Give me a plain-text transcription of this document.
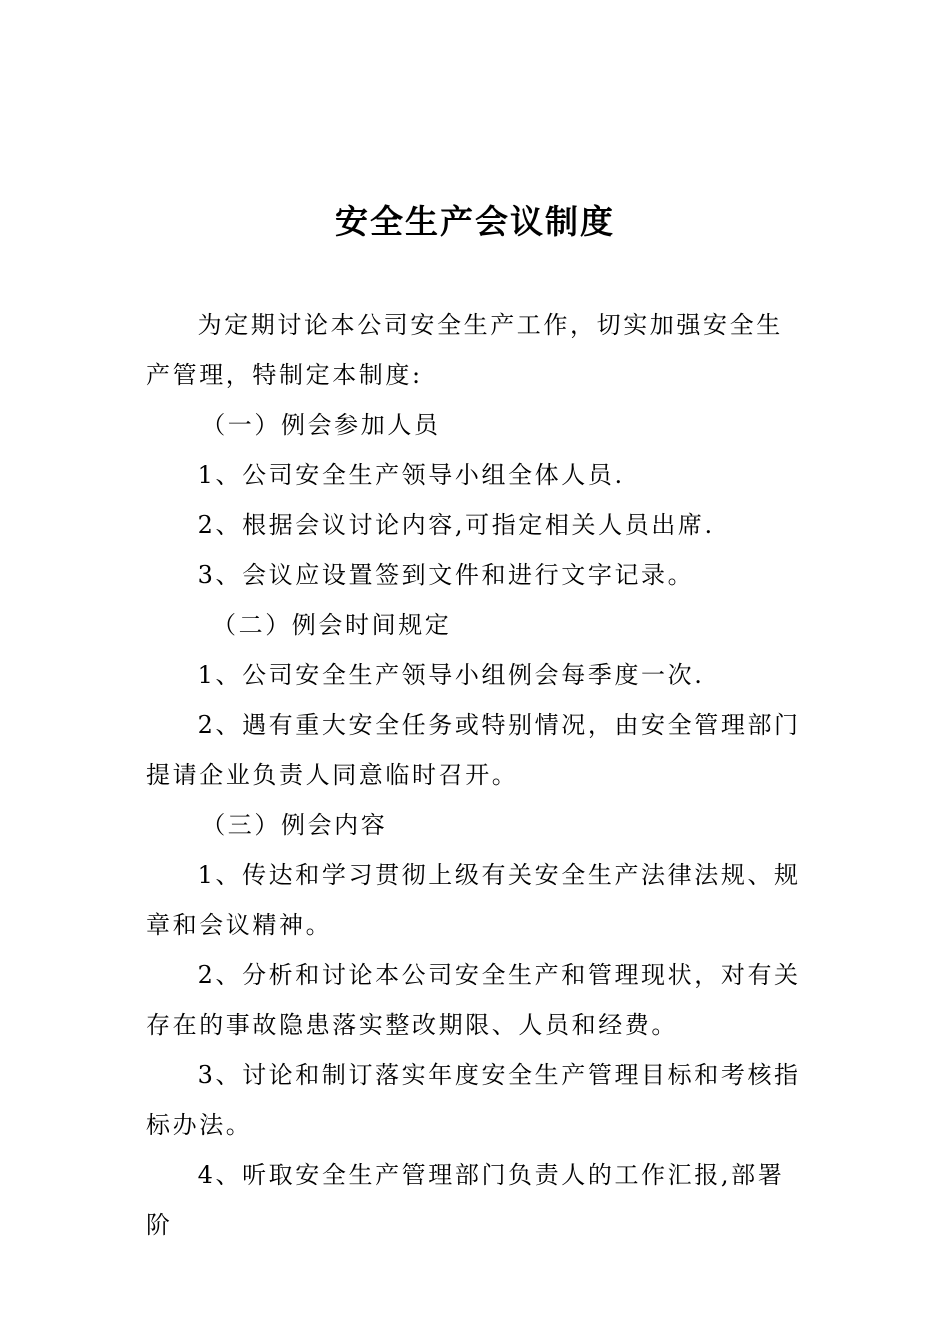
安全生产会议制度

为定期讨论本公司安全生产工作，切实加强安全生产管理，特制定本制度:

（一）例会参加人员

1、公司安全生产领导小组全体人员.

2、根据会议讨论内容,可指定相关人员出席.

3、会议应设置签到文件和进行文字记录。

（二）例会时间规定

1、公司安全生产领导小组例会每季度一次.

2、遇有重大安全任务或特别情况，由安全管理部门提请企业负责人同意临时召开。

（三）例会内容

1、传达和学习贯彻上级有关安全生产法律法规、规章和会议精神。

2、分析和讨论本公司安全生产和管理现状，对有关存在的事故隐患落实整改期限、人员和经费。

3、讨论和制订落实年度安全生产管理目标和考核指标办法。

4、听取安全生产管理部门负责人的工作汇报,部署阶
